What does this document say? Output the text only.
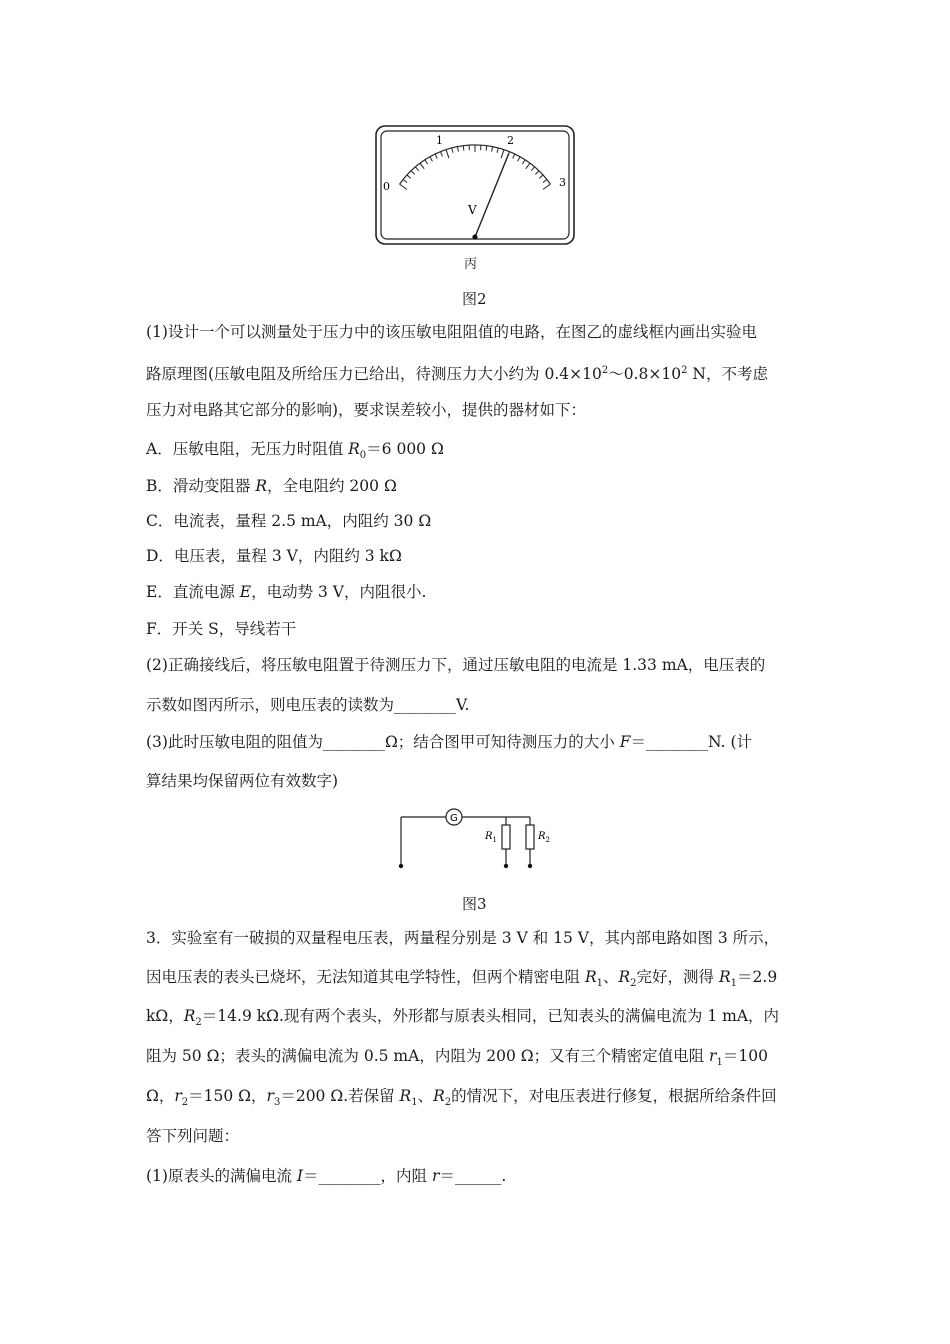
0
1	2
3
V
丙
图2
(1)设计一个可以测量处于压力中的该压敏电阻阻值的电路，在图乙的虚线框内画出实验电
路原理图(压敏电阻及所给压力已给出，待测压力大小约为 $0.4\times 10^2\sim 0.8\times 10^2$ N，不考虑
压力对电路其它部分的影响)，要求误差较小，提供的器材如下：
A．压敏电阻，无压力时阻值 $R_0=6$ 000 Ω
B．滑动变阻器 R，全电阻约 200 Ω
C．电流表，量程 2.5 mA，内阻约 30 Ω
D．电压表，量程 3 V，内阻约 3 kΩ
E．直流电源 E，电动势 3 V，内阻很小.
F．开关 S，导线若干
(2)正确接线后，将压敏电阻置于待测压力下，通过压敏电阻的电流是 1.33 mA，电压表的
示数如图丙所示，则电压表的读数为________V.
(3)此时压敏电阻的阻值为________Ω；结合图甲可知待测压力的大小 F＝________N. (计
算结果均保留两位有效数字)
G
$R_1$	$R_2$
图3
3．实验室有一破损的双量程电压表，两量程分别是 3 V 和 15 V，其内部电路如图 3 所示，
因电压表的表头已烧坏，无法知道其电学特性，但两个精密电阻 $R_1$、$R_2$完好，测得 $R_1=2.9$
kΩ，$R_2=14.9$ kΩ.现有两个表头，外形都与原表头相同，已知表头的满偏电流为 1 mA，内
阻为 50 Ω；表头的满偏电流为 0.5 mA，内阻为 200 Ω；又有三个精密定值电阻 $r_1=100$
Ω，$r_2=150$ Ω，$r_3=200$ Ω.若保留 $R_1$、$R_2$的情况下，对电压表进行修复，根据所给条件回
答下列问题：
(1)原表头的满偏电流 I＝________，内阻 r＝______.
